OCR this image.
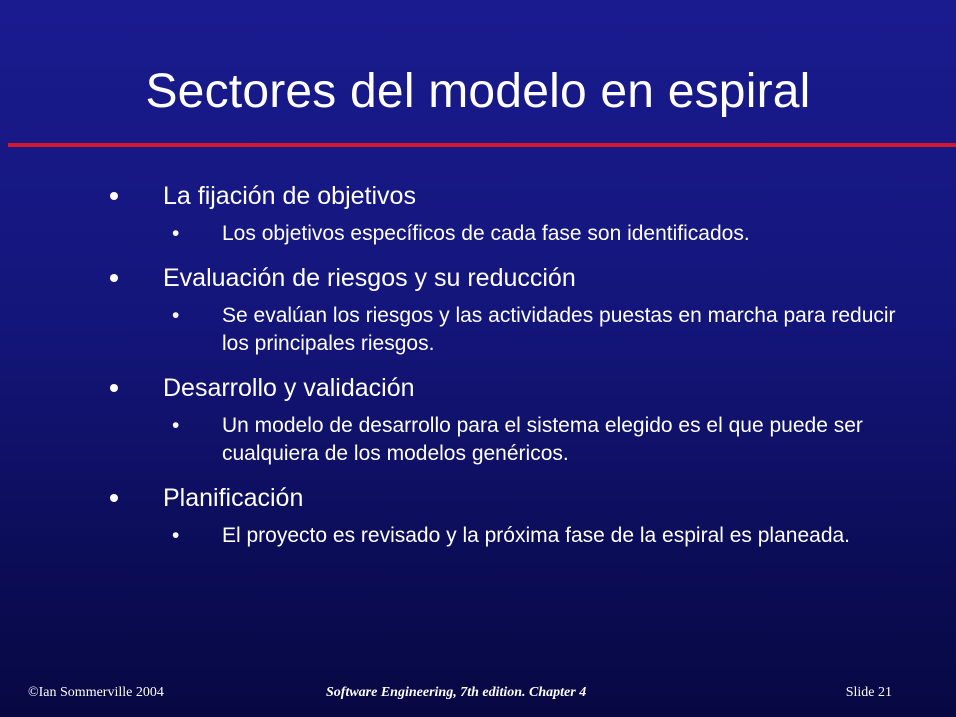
Sectores del modelo en espiral
La fijación de objetivos
• Los objetivos específicos de cada fase son identificados.
Evaluación de riesgos y su reducción
• Se evalúan los riesgos y las actividades puestas en marcha para reducir los principales riesgos.
Desarrollo y validación
• Un modelo de desarrollo para el sistema elegido es el que puede ser cualquiera de los modelos genéricos.
Planificación
• El proyecto es revisado y la próxima fase de la espiral es planeada.
©Ian Sommerville 2004	Software Engineering, 7th edition. Chapter 4	Slide 21
